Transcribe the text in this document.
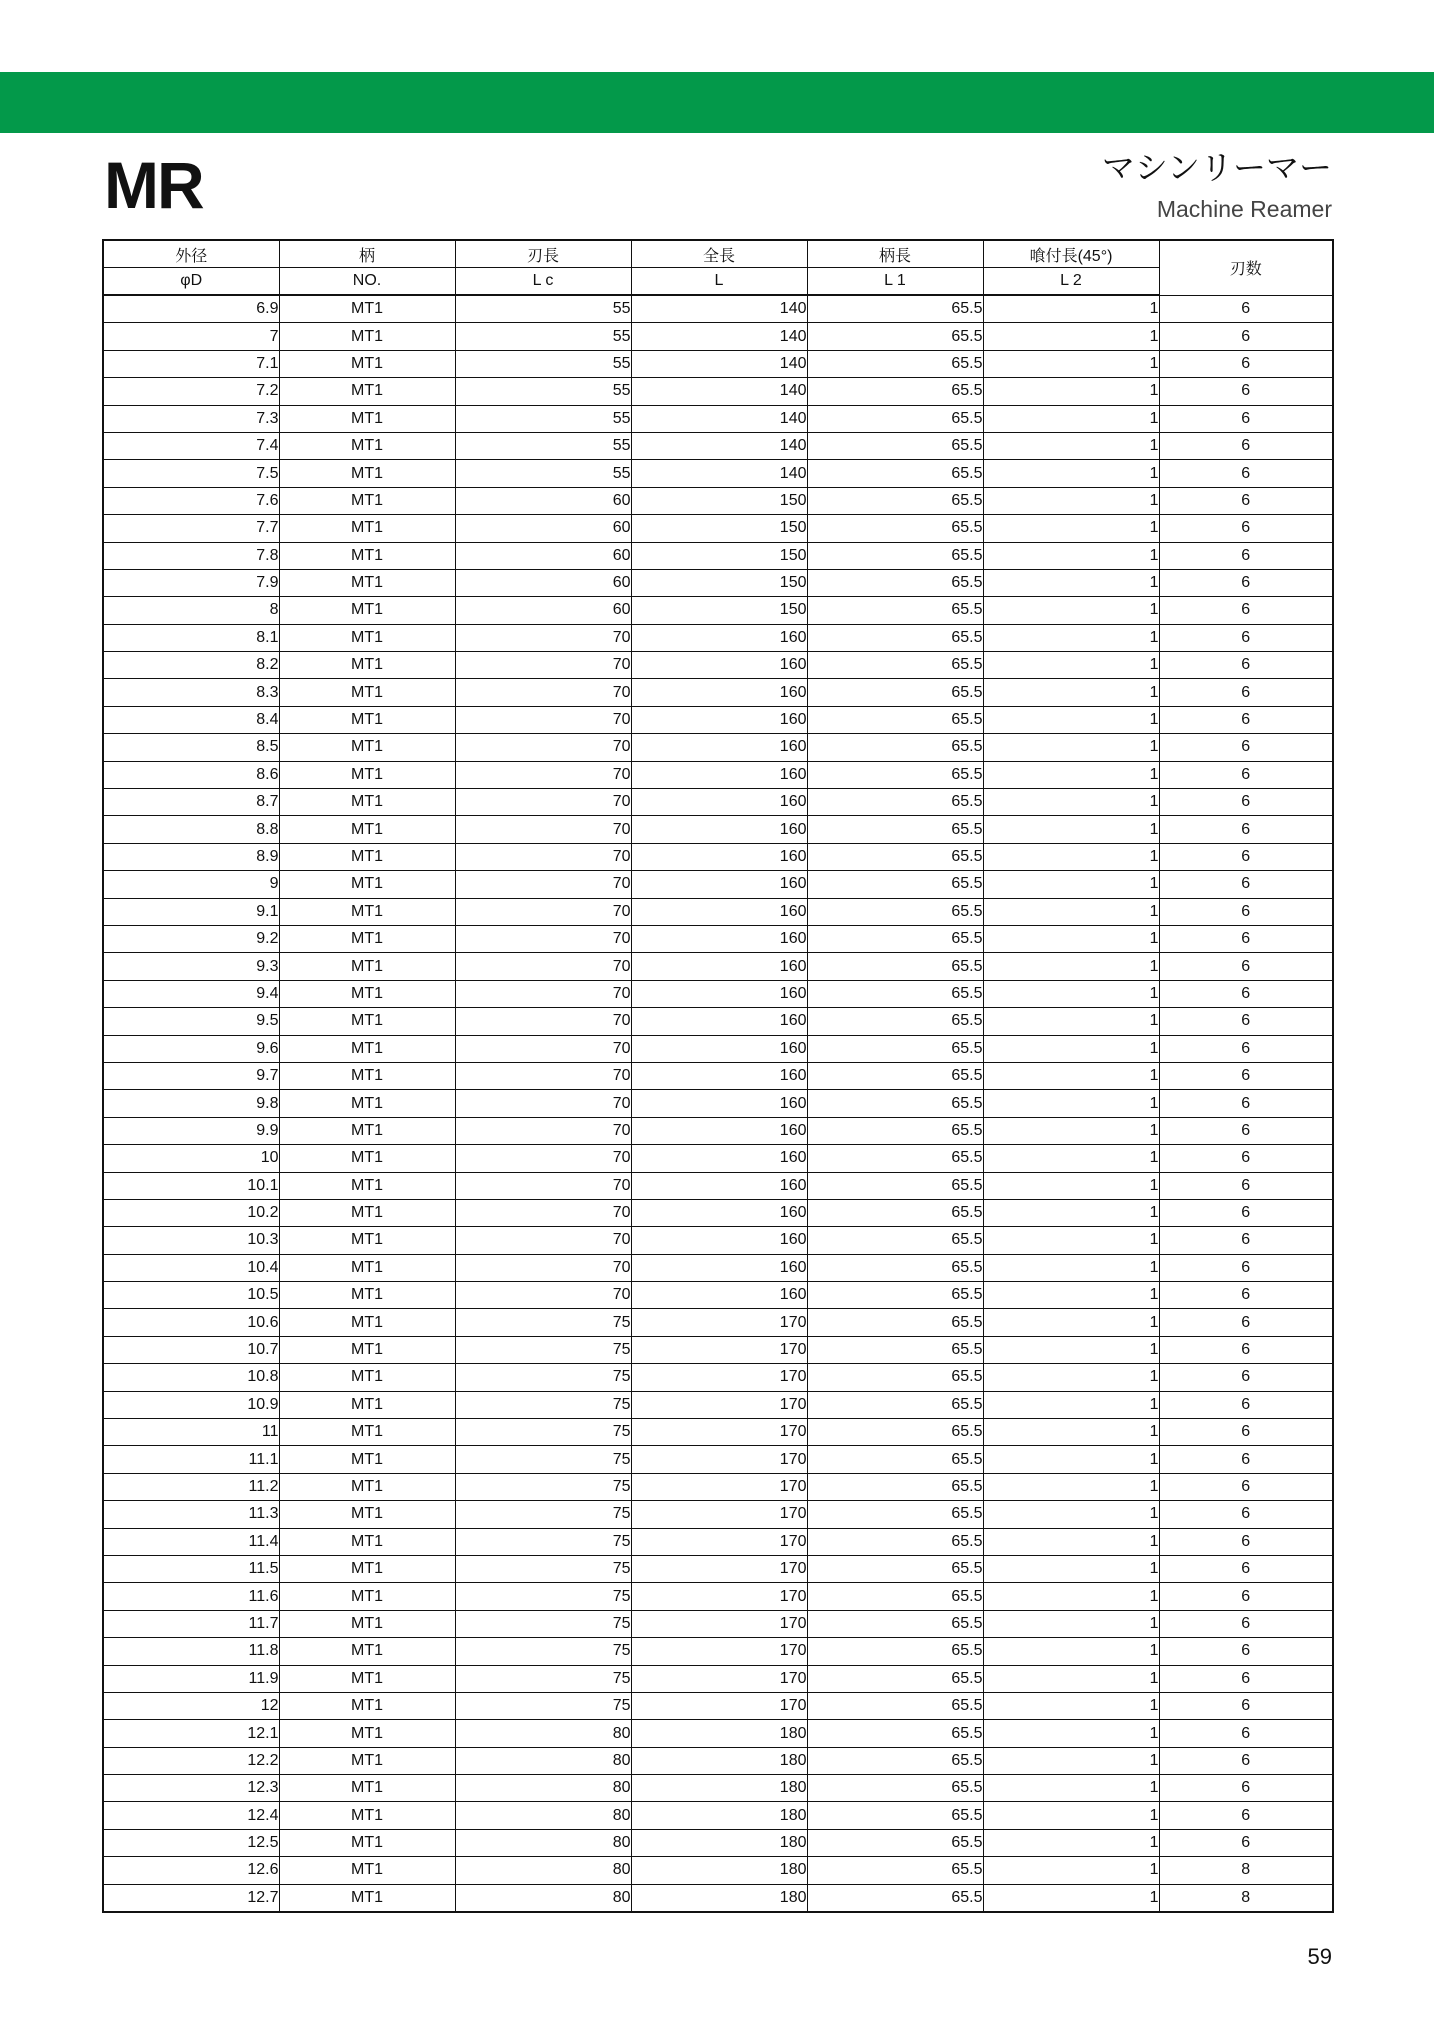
MR	マシンリーマー
Machine Reamer
外径	柄	刃長	全長	柄長	喰付長(45°)	刃数
φD	NO.	L c	L	L 1	L 2	
6.9	MT1	55	140	65.5	1	6
7	MT1	55	140	65.5	1	6
7.1	MT1	55	140	65.5	1	6
7.2	MT1	55	140	65.5	1	6
7.3	MT1	55	140	65.5	1	6
7.4	MT1	55	140	65.5	1	6
7.5	MT1	55	140	65.5	1	6
7.6	MT1	60	150	65.5	1	6
7.7	MT1	60	150	65.5	1	6
7.8	MT1	60	150	65.5	1	6
7.9	MT1	60	150	65.5	1	6
8	MT1	60	150	65.5	1	6
8.1	MT1	70	160	65.5	1	6
8.2	MT1	70	160	65.5	1	6
8.3	MT1	70	160	65.5	1	6
8.4	MT1	70	160	65.5	1	6
8.5	MT1	70	160	65.5	1	6
8.6	MT1	70	160	65.5	1	6
8.7	MT1	70	160	65.5	1	6
8.8	MT1	70	160	65.5	1	6
8.9	MT1	70	160	65.5	1	6
9	MT1	70	160	65.5	1	6
9.1	MT1	70	160	65.5	1	6
9.2	MT1	70	160	65.5	1	6
9.3	MT1	70	160	65.5	1	6
9.4	MT1	70	160	65.5	1	6
9.5	MT1	70	160	65.5	1	6
9.6	MT1	70	160	65.5	1	6
9.7	MT1	70	160	65.5	1	6
9.8	MT1	70	160	65.5	1	6
9.9	MT1	70	160	65.5	1	6
10	MT1	70	160	65.5	1	6
10.1	MT1	70	160	65.5	1	6
10.2	MT1	70	160	65.5	1	6
10.3	MT1	70	160	65.5	1	6
10.4	MT1	70	160	65.5	1	6
10.5	MT1	70	160	65.5	1	6
10.6	MT1	75	170	65.5	1	6
10.7	MT1	75	170	65.5	1	6
10.8	MT1	75	170	65.5	1	6
10.9	MT1	75	170	65.5	1	6
11	MT1	75	170	65.5	1	6
11.1	MT1	75	170	65.5	1	6
11.2	MT1	75	170	65.5	1	6
11.3	MT1	75	170	65.5	1	6
11.4	MT1	75	170	65.5	1	6
11.5	MT1	75	170	65.5	1	6
11.6	MT1	75	170	65.5	1	6
11.7	MT1	75	170	65.5	1	6
11.8	MT1	75	170	65.5	1	6
11.9	MT1	75	170	65.5	1	6
12	MT1	75	170	65.5	1	6
12.1	MT1	80	180	65.5	1	6
12.2	MT1	80	180	65.5	1	6
12.3	MT1	80	180	65.5	1	6
12.4	MT1	80	180	65.5	1	6
12.5	MT1	80	180	65.5	1	6
12.6	MT1	80	180	65.5	1	8
12.7	MT1	80	180	65.5	1	8
59
